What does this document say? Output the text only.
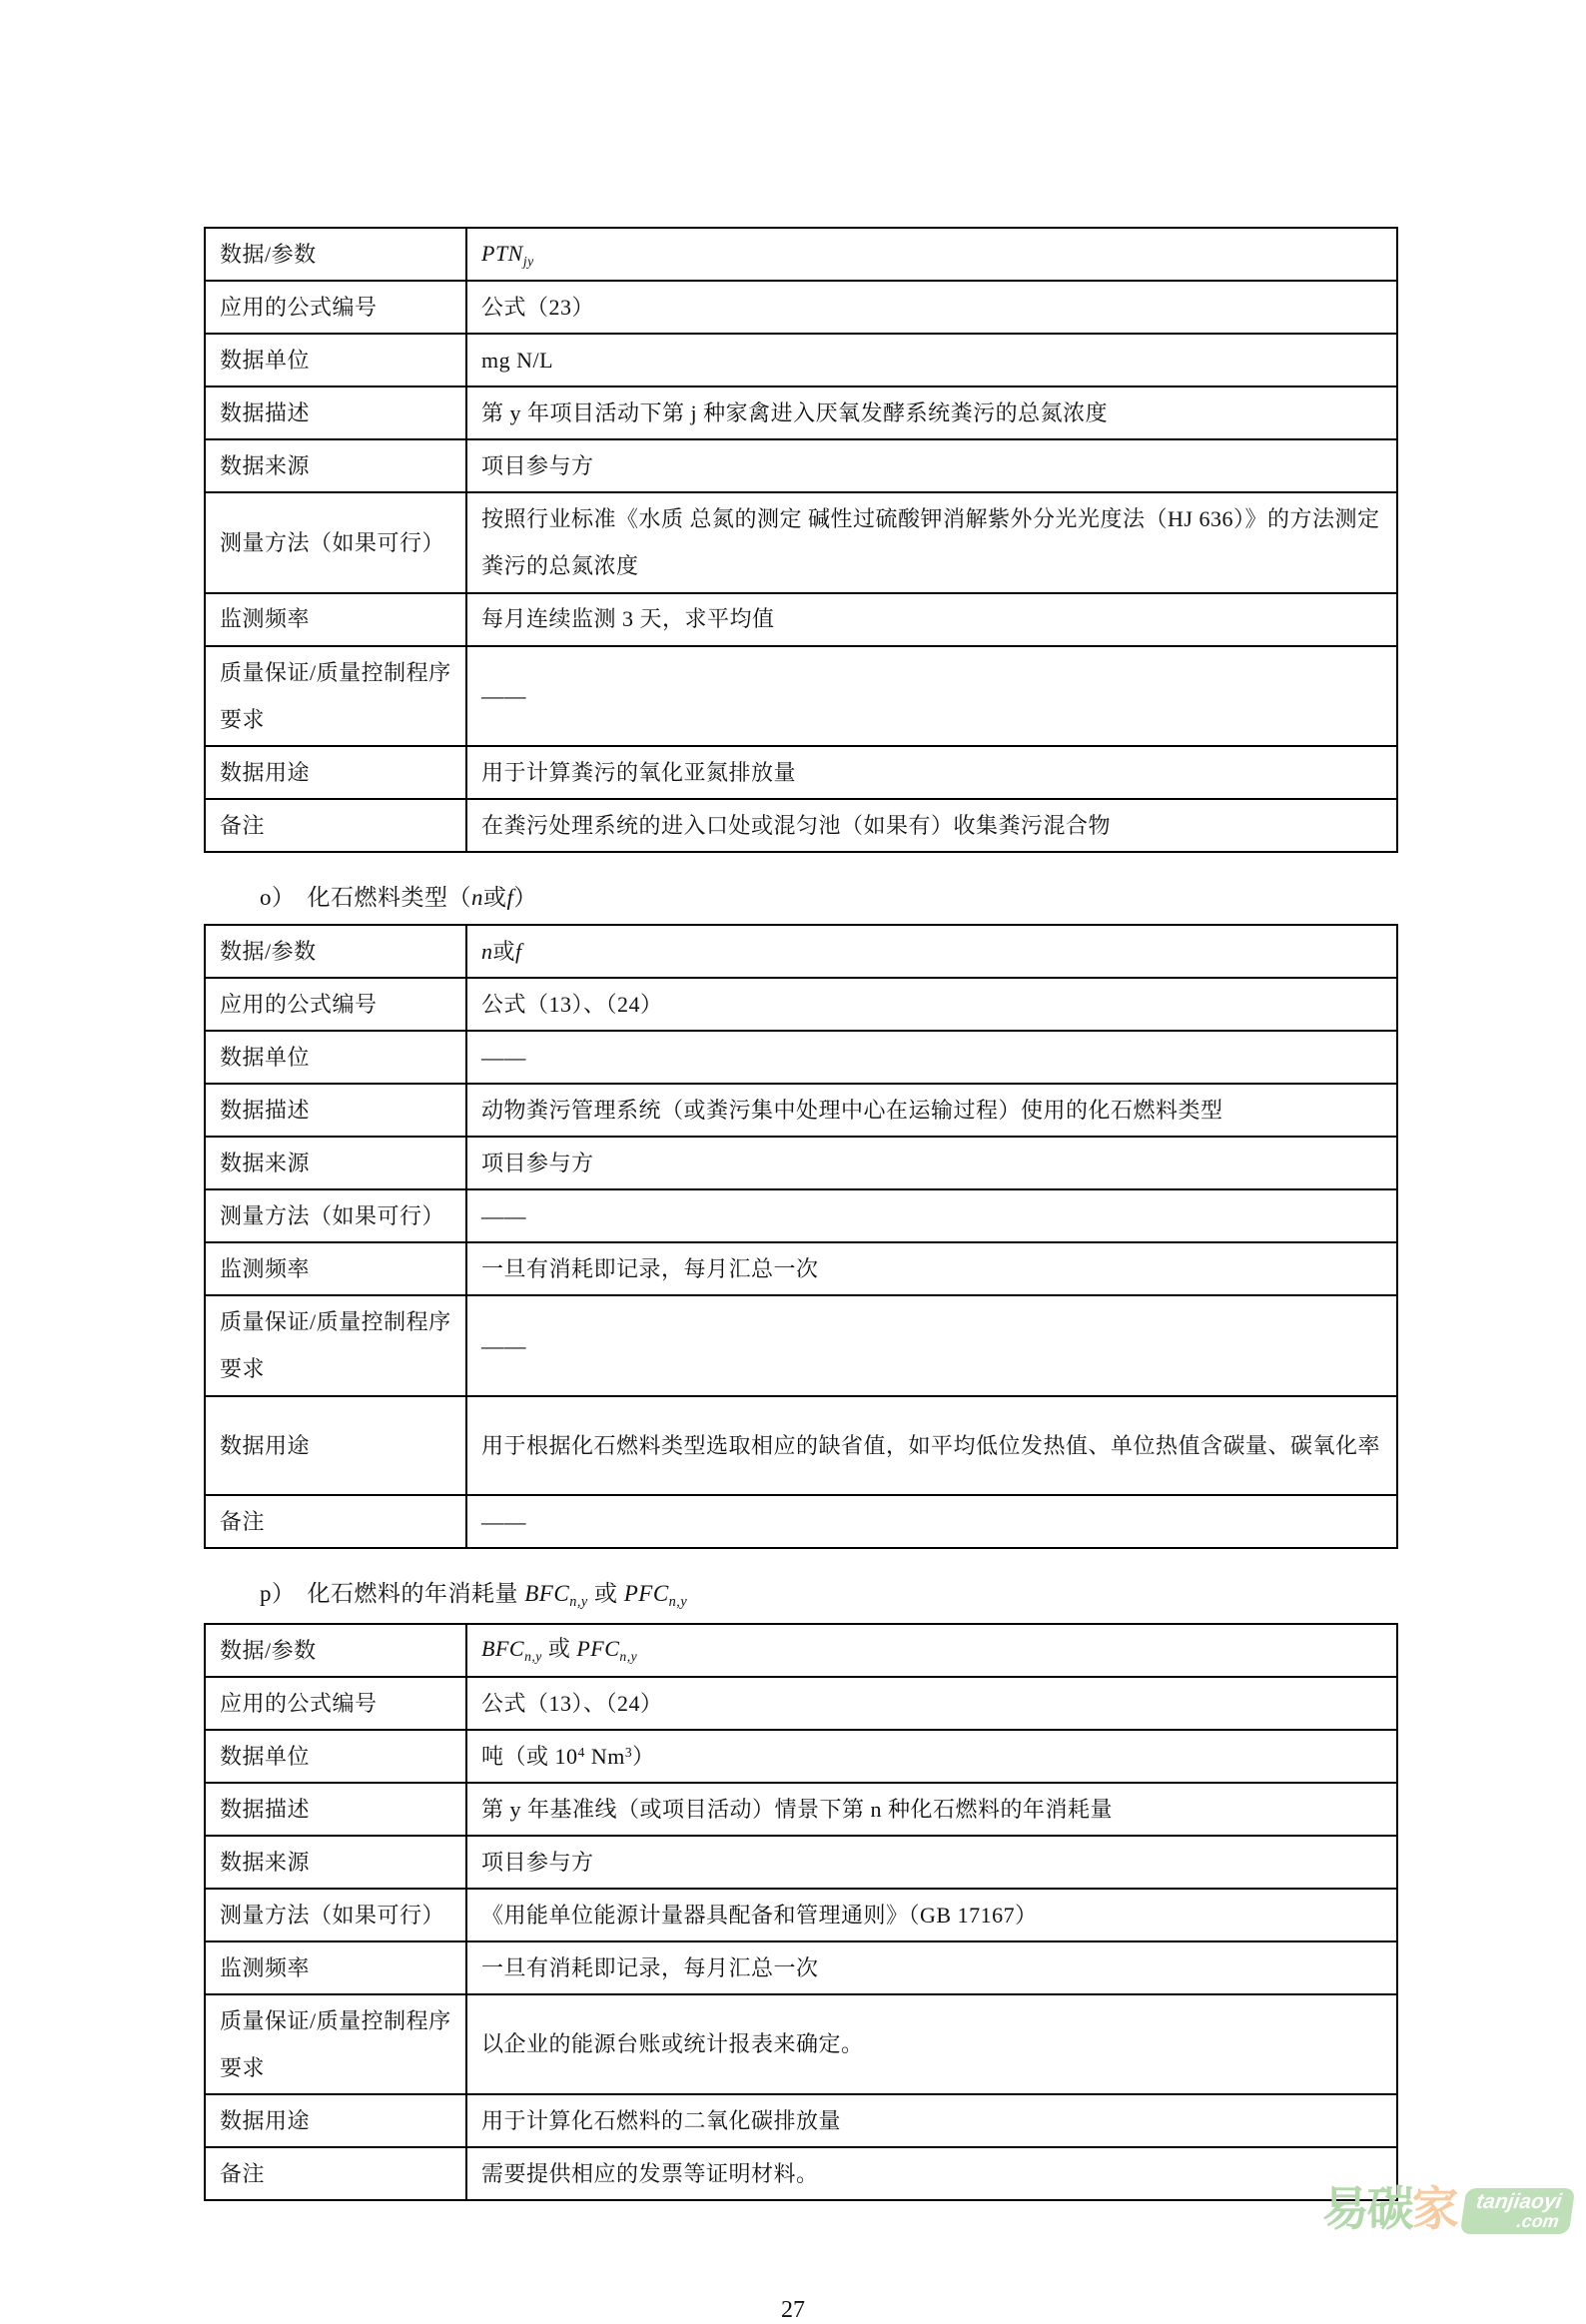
数据/参数	$PTN_{jy}$
应用的公式编号	公式（23）
数据单位	mg N/L
数据描述	第 y 年项目活动下第 j 种家禽进入厌氧发酵系统粪污的总氮浓度
数据来源	项目参与方
测量方法（如果可行）	按照行业标准《水质 总氮的测定 碱性过硫酸钾消解紫外分光光度法（HJ 636）》的方法测定粪污的总氮浓度
监测频率	每月连续监测 3 天，求平均值
质量保证/质量控制程序要求	——
数据用途	用于计算粪污的氧化亚氮排放量
备注	在粪污处理系统的进入口处或混匀池（如果有）收集粪污混合物
o）　化石燃料类型（n或f）
数据/参数	n或f
应用的公式编号	公式（13）、（24）
数据单位	——
数据描述	动物粪污管理系统（或粪污集中处理中心在运输过程）使用的化石燃料类型
数据来源	项目参与方
测量方法（如果可行）	——
监测频率	一旦有消耗即记录，每月汇总一次
质量保证/质量控制程序要求	——
数据用途	用于根据化石燃料类型选取相应的缺省值，如平均低位发热值、单位热值含碳量、碳氧化率
备注	——
p）　化石燃料的年消耗量 $BFC_{n,y}$ 或 $PFC_{n,y}$
数据/参数	$BFC_{n,y}$ 或 $PFC_{n,y}$
应用的公式编号	公式（13）、（24）
数据单位	吨（或 $10^4$ Nm$^3$）
数据描述	第 y 年基准线（或项目活动）情景下第 n 种化石燃料的年消耗量
数据来源	项目参与方
测量方法（如果可行）	《用能单位能源计量器具配备和管理通则》（GB 17167）
监测频率	一旦有消耗即记录，每月汇总一次
质量保证/质量控制程序要求	以企业的能源台账或统计报表来确定。
数据用途	用于计算化石燃料的二氧化碳排放量
备注	需要提供相应的发票等证明材料。
27
易碳家 tanjiaoyi
.com
